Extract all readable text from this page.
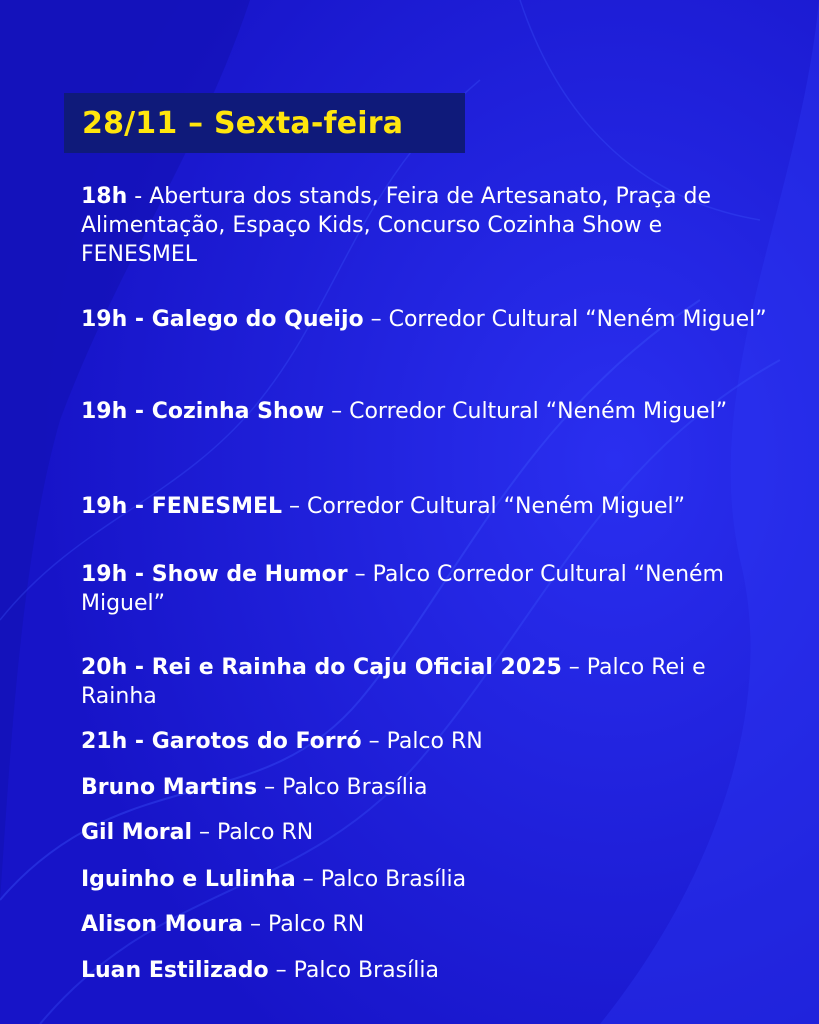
28/11 – Sexta-feira
18h - Abertura dos stands, Feira de Artesanato, Praça de Alimentação, Espaço Kids, Concurso Cozinha Show e FENESMEL
19h - Galego do Queijo – Corredor Cultural “Neném Miguel”
19h - Cozinha Show – Corredor Cultural “Neném Miguel”
19h - FENESMEL – Corredor Cultural “Neném Miguel”
19h - Show de Humor – Palco Corredor Cultural “Neném Miguel”
20h - Rei e Rainha do Caju Oficial 2025 – Palco Rei e Rainha
21h - Garotos do Forró – Palco RN
Bruno Martins – Palco Brasília
Gil Moral – Palco RN
Iguinho e Lulinha – Palco Brasília
Alison Moura – Palco RN
Luan Estilizado – Palco Brasília
